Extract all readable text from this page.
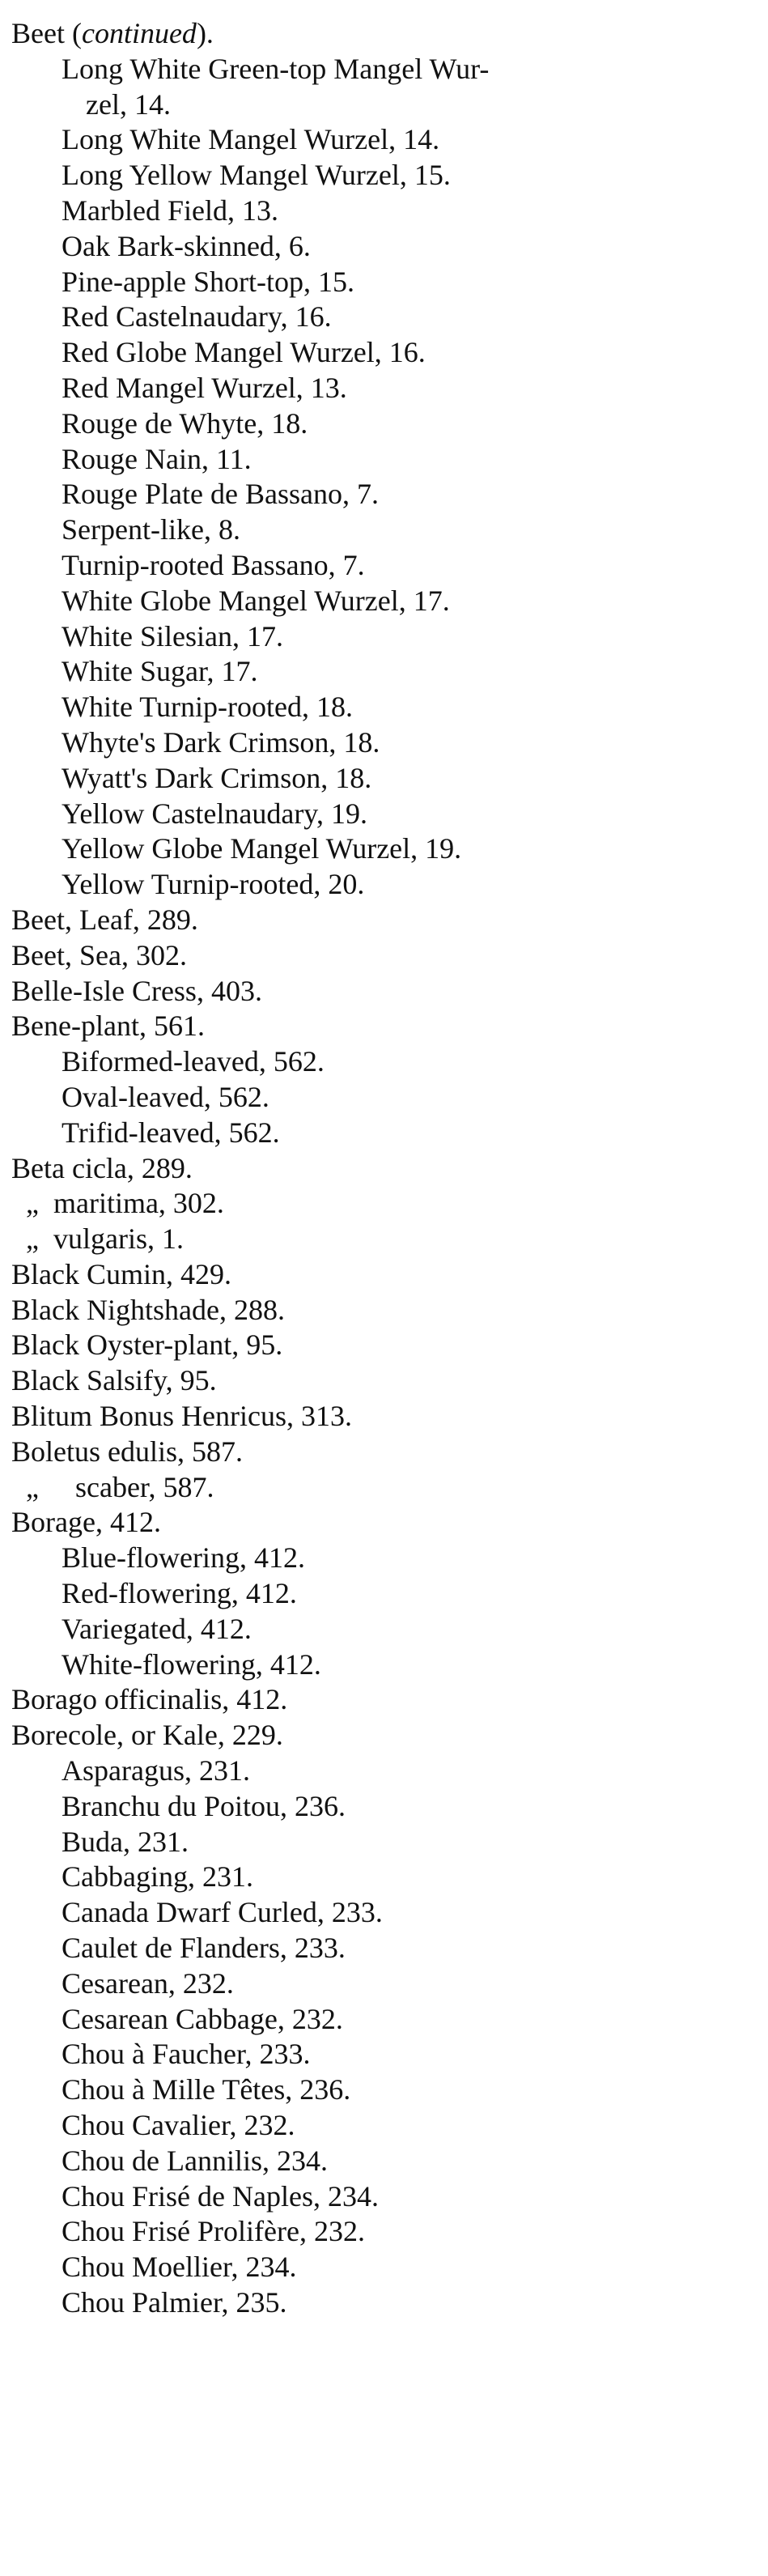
Beet (continued).
Long White Green-top Mangel Wur-
zel, 14.
Long White Mangel Wurzel, 14.
Long Yellow Mangel Wurzel, 15.
Marbled Field, 13.
Oak Bark-skinned, 6.
Pine-apple Short-top, 15.
Red Castelnaudary, 16.
Red Globe Mangel Wurzel, 16.
Red Mangel Wurzel, 13.
Rouge de Whyte, 18.
Rouge Nain, 11.
Rouge Plate de Bassano, 7.
Serpent-like, 8.
Turnip-rooted Bassano, 7.
White Globe Mangel Wurzel, 17.
White Silesian, 17.
White Sugar, 17.
White Turnip-rooted, 18.
Whyte's Dark Crimson, 18.
Wyatt's Dark Crimson, 18.
Yellow Castelnaudary, 19.
Yellow Globe Mangel Wurzel, 19.
Yellow Turnip-rooted, 20.
Beet, Leaf, 289.
Beet, Sea, 302.
Belle-Isle Cress, 403.
Bene-plant, 561.
Biformed-leaved, 562.
Oval-leaved, 562.
Trifid-leaved, 562.
Beta cicla, 289.
„  maritima, 302.
„  vulgaris, 1.
Black Cumin, 429.
Black Nightshade, 288.
Black Oyster-plant, 95.
Black Salsify, 95.
Blitum Bonus Henricus, 313.
Boletus edulis, 587.
„     scaber, 587.
Borage, 412.
Blue-flowering, 412.
Red-flowering, 412.
Variegated, 412.
White-flowering, 412.
Borago officinalis, 412.
Borecole, or Kale, 229.
Asparagus, 231.
Branchu du Poitou, 236.
Buda, 231.
Cabbaging, 231.
Canada Dwarf Curled, 233.
Caulet de Flanders, 233.
Cesarean, 232.
Cesarean Cabbage, 232.
Chou à Faucher, 233.
Chou à Mille Têtes, 236.
Chou Cavalier, 232.
Chou de Lannilis, 234.
Chou Frisé de Naples, 234.
Chou Frisé Prolifère, 232.
Chou Moellier, 234.
Chou Palmier, 235.
